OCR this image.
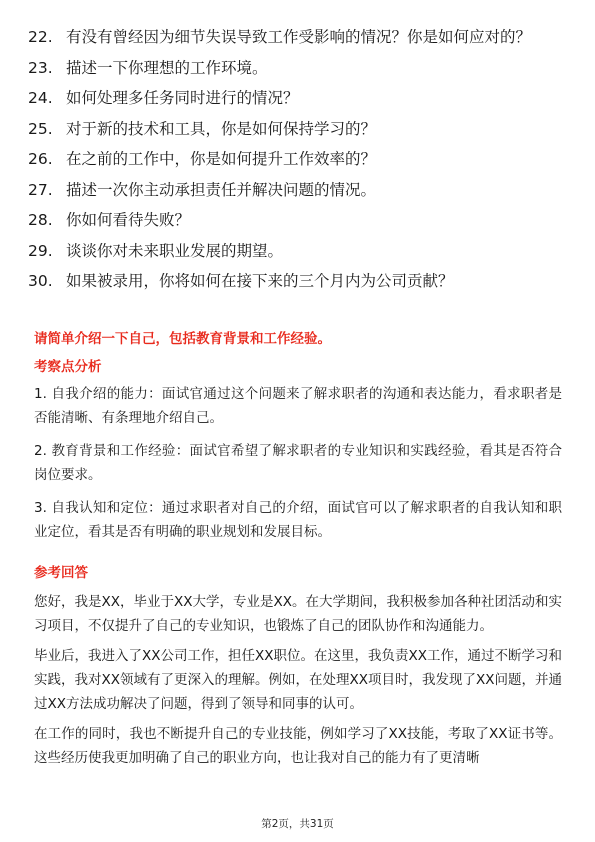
22. 有没有曾经因为细节失误导致工作受影响的情况？你是如何应对的？
23. 描述一下你理想的工作环境。
24. 如何处理多任务同时进行的情况？
25. 对于新的技术和工具，你是如何保持学习的？
26. 在之前的工作中，你是如何提升工作效率的？
27. 描述一次你主动承担责任并解决问题的情况。
28. 你如何看待失败？
29. 谈谈你对未来职业发展的期望。
30. 如果被录用，你将如何在接下来的三个月内为公司贡献？
请简单介绍一下自己，包括教育背景和工作经验。
考察点分析
1. 自我介绍的能力：面试官通过这个问题来了解求职者的沟通和表达能力，看求职者是否能清晰、有条理地介绍自己。
2. 教育背景和工作经验：面试官希望了解求职者的专业知识和实践经验，看其是否符合岗位要求。
3. 自我认知和定位：通过求职者对自己的介绍，面试官可以了解求职者的自我认知和职业定位，看其是否有明确的职业规划和发展目标。
参考回答
您好，我是XX，毕业于XX大学，专业是XX。在大学期间，我积极参加各种社团活动和实习项目，不仅提升了自己的专业知识，也锻炼了自己的团队协作和沟通能力。
毕业后，我进入了XX公司工作，担任XX职位。在这里，我负责XX工作，通过不断学习和实践，我对XX领域有了更深入的理解。例如，在处理XX项目时，我发现了XX问题，并通过XX方法成功解决了问题，得到了领导和同事的认可。
在工作的同时，我也不断提升自己的专业技能，例如学习了XX技能，考取了XX证书等。这些经历使我更加明确了自己的职业方向，也让我对自己的能力有了更清晰
第2页，共31页
